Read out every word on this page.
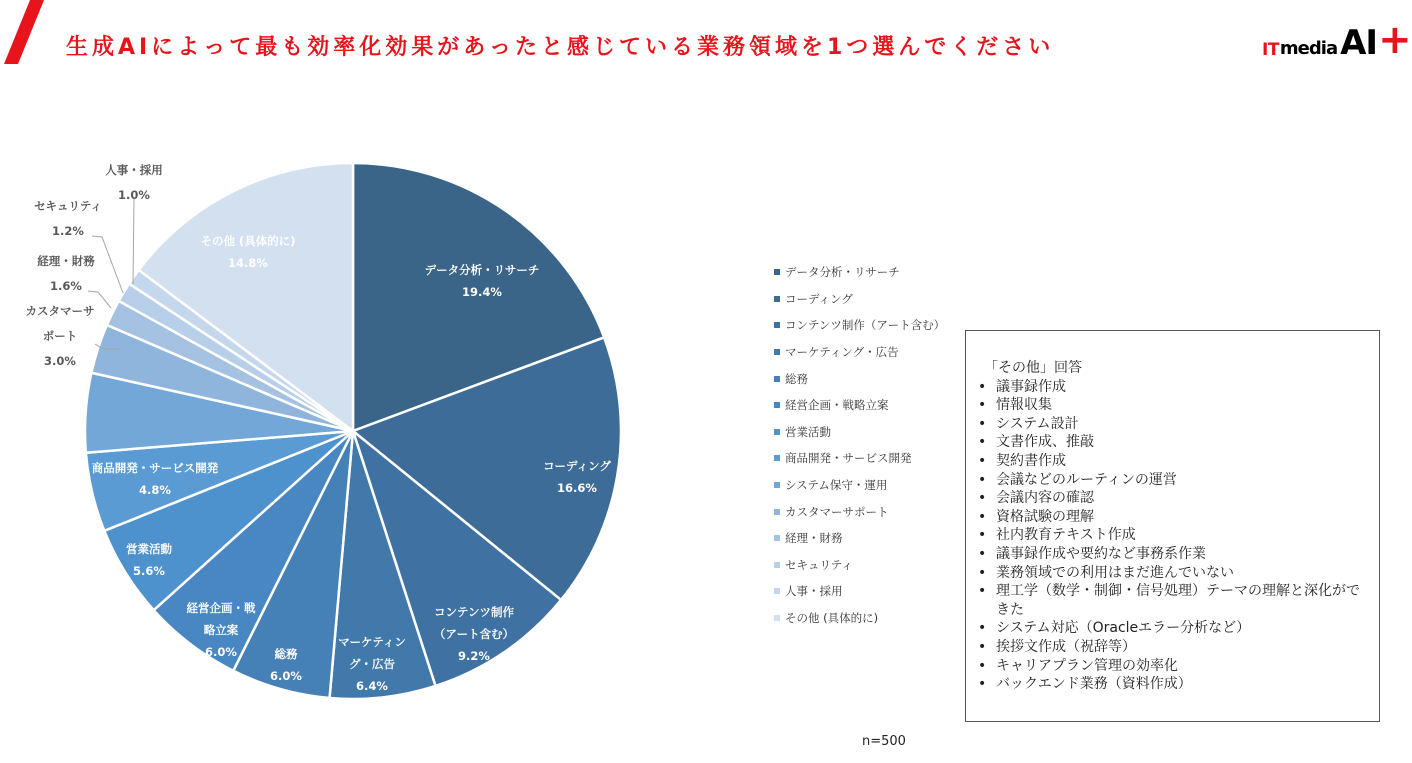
生成AIによって最も効率化効果があったと感じている業務領域を1つ選んでください	IT media AI +
データ分析・リサーチ
19.4%
コーディング
16.6%
コンテンツ制作
（アート含む）
9.2%
マーケティン
グ・広告
6.4%
総務
6.0%
経営企画・戦
略立案
6.0%
営業活動
5.6%
商品開発・サービス開発
4.8%
カスタマーサ
ポート
3.0%
経理・財務
1.6%
セキュリティ
1.2%
人事・採用
1.0%
その他 (具体的に)
14.8%
データ分析・リサーチ
コーディング
コンテンツ制作（アート含む）
マーケティング・広告
総務
経営企画・戦略立案
営業活動
商品開発・サービス開発
システム保守・運用
カスタマーサポート
経理・財務
セキュリティ
人事・採用
その他 (具体的に)
「その他」回答
• 議事録作成
• 情報収集
• システム設計
• 文書作成、推敲
• 契約書作成
• 会議などのルーティンの運営
• 会議内容の確認
• 資格試験の理解
• 社内教育テキスト作成
• 議事録作成や要約など事務系作業
• 業務領域での利用はまだ進んでいない
• 理工学（数学・制御・信号処理）テーマの理解と深化ができた
• システム対応（Oracleエラー分析など）
• 挨拶文作成（祝辞等）
• キャリアプラン管理の効率化
• バックエンド業務（資料作成）
n=500
